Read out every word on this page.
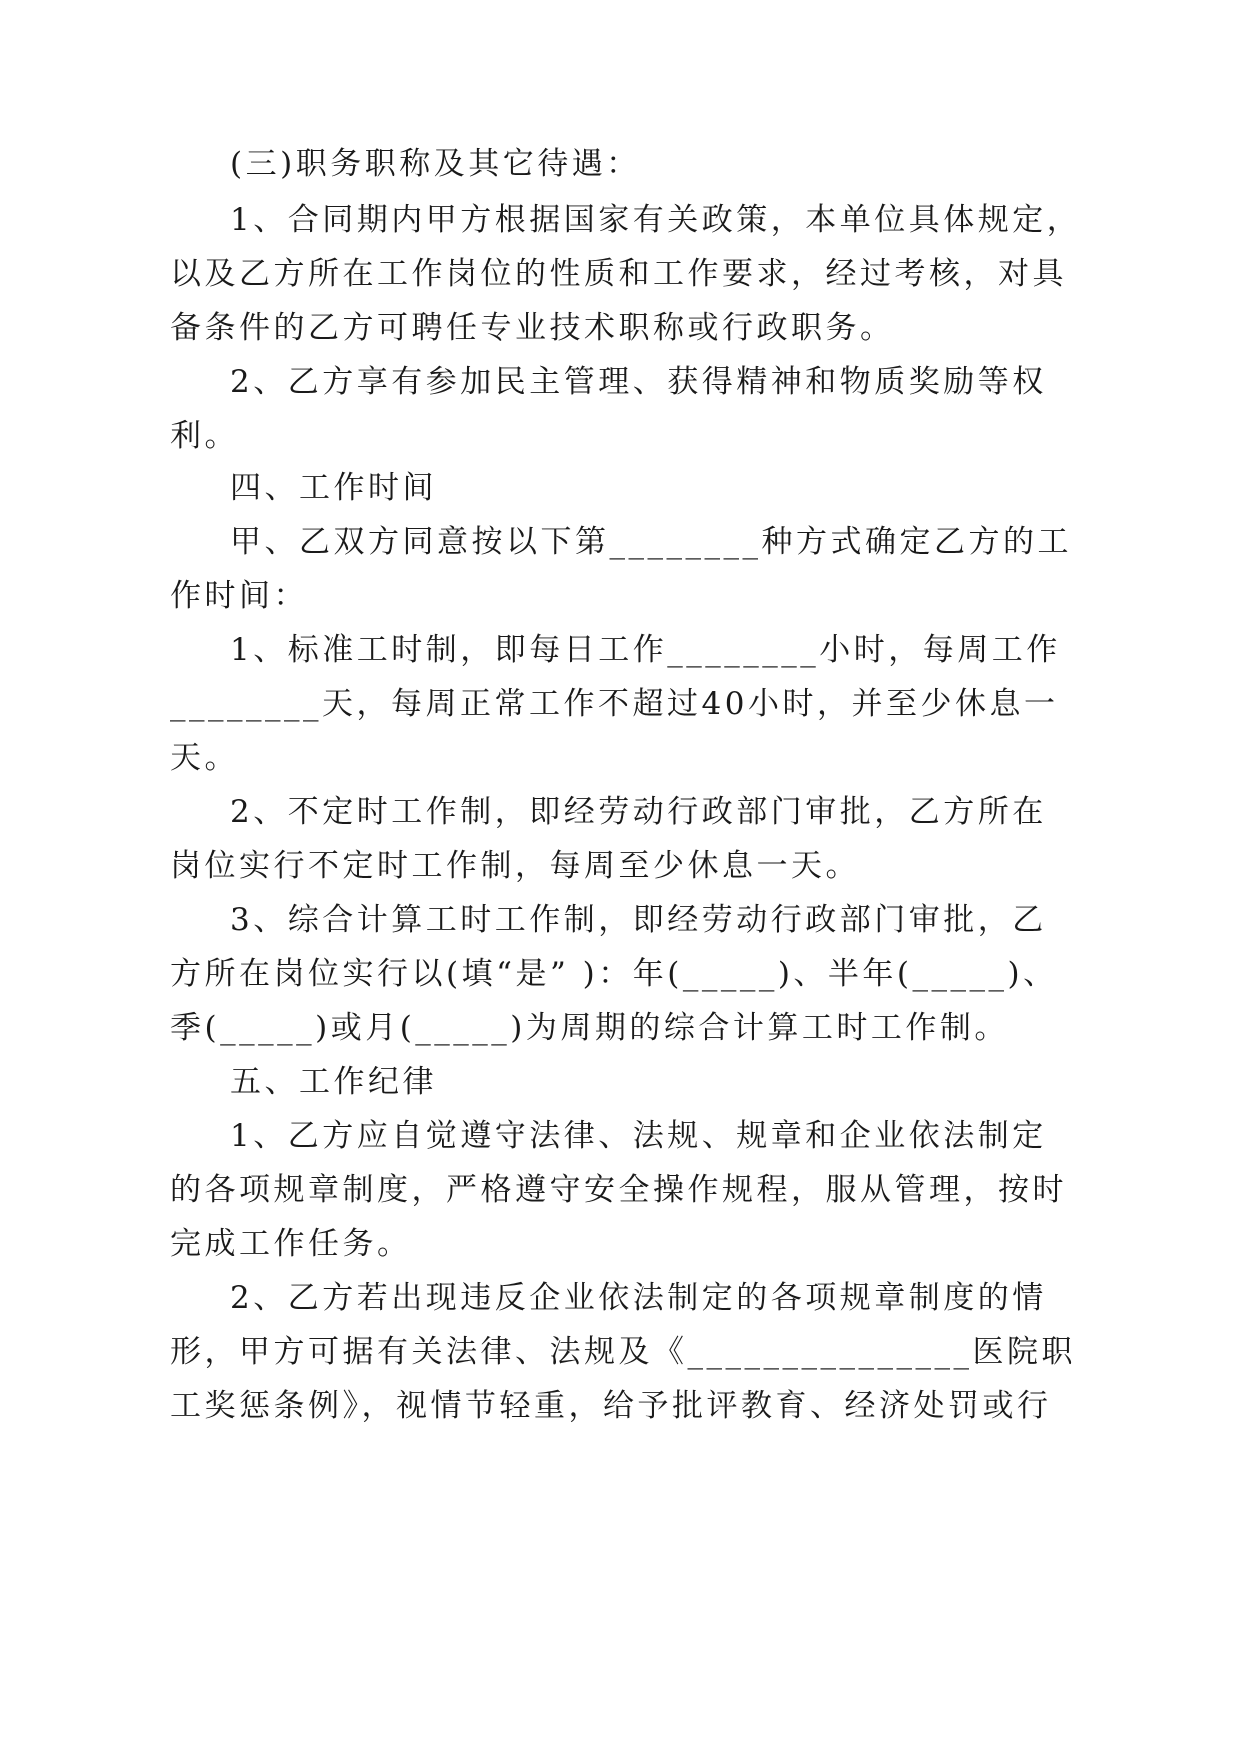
(三)职务职称及其它待遇：
1、合同期内甲方根据国家有关政策，本单位具体规定，
以及乙方所在工作岗位的性质和工作要求，经过考核，对具
备条件的乙方可聘任专业技术职称或行政职务。
2、乙方享有参加民主管理、获得精神和物质奖励等权
利。
四、工作时间
甲、乙双方同意按以下第________种方式确定乙方的工
作时间：
1、标准工时制，即每日工作________小时，每周工作
________天，每周正常工作不超过40小时，并至少休息一
天。
2、不定时工作制，即经劳动行政部门审批，乙方所在
岗位实行不定时工作制，每周至少休息一天。
3、综合计算工时工作制，即经劳动行政部门审批，乙
方所在岗位实行以(填“是” )：年(_____)、半年(_____)、
季(_____)或月(_____)为周期的综合计算工时工作制。
五、工作纪律
1、乙方应自觉遵守法律、法规、规章和企业依法制定
的各项规章制度，严格遵守安全操作规程，服从管理，按时
完成工作任务。
2、乙方若出现违反企业依法制定的各项规章制度的情
形，甲方可据有关法律、法规及《_______________医院职
工奖惩条例》，视情节轻重，给予批评教育、经济处罚或行
